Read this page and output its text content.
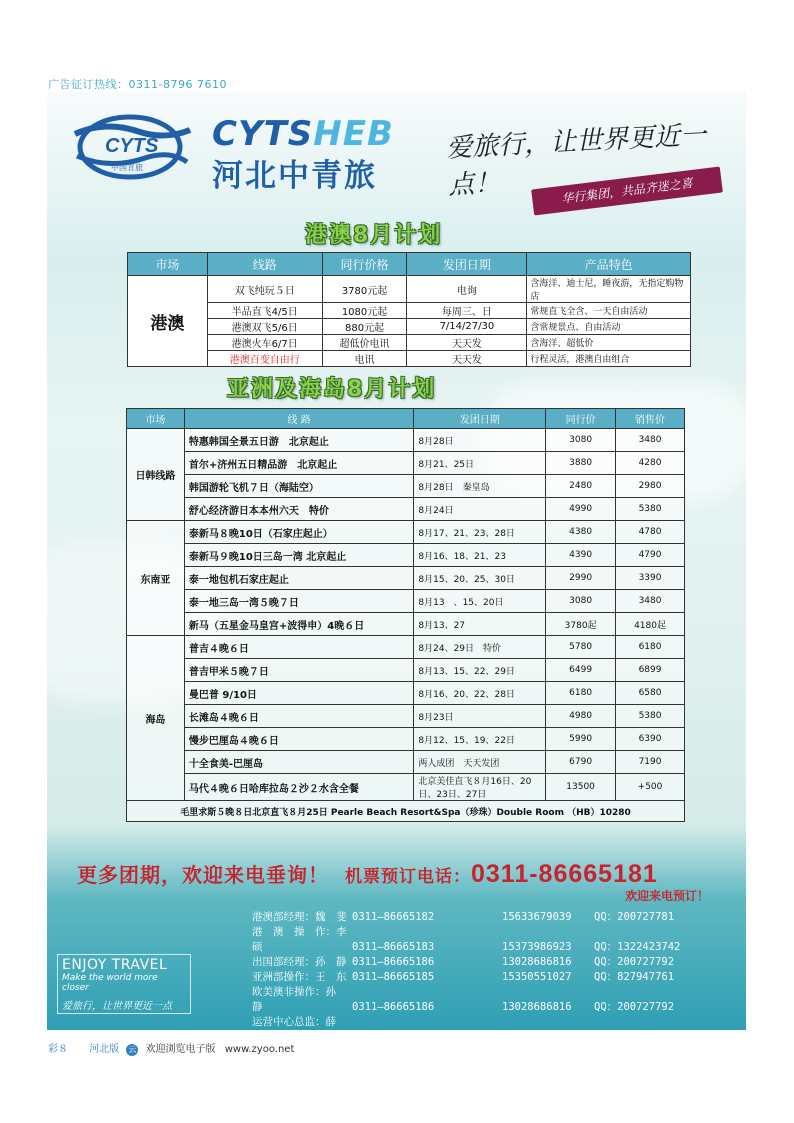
广告征订热线：0311-8796 7610
CYTS
中国青旅
CYTSHEB
河北中青旅
爱旅行，让世界更近一点！	华行集团，共品齐迷之喜
港澳8月计划
市场	线路	同行价格	发团日期	产品特色
港澳	双飞纯玩５日	3780元起	电询	含海洋、迪士尼，睡夜游，无指定购物店
	半品直飞4/5日	1080元起	每周三、日	常规直飞全含、一天自由活动
	港澳双飞5/6日	880元起	7/14/27/30	含常规景点、自由活动
	港澳火车6/7日	超低价电讯	天天发	含海洋、超低价
	港澳百变自由行	电讯	天天发	行程灵活，港澳自由组合
亚洲及海岛8月计划
市场	线 路	发团日期	同行价	销售价
日韩线路	特惠韩国全景五日游　北京起止	8月28日	3080	3480
	首尔+济州五日精品游　北京起止	8月21、25日	3880	4280
	韩国游轮飞机７日（海陆空）	8月28日　秦皇岛	2480	2980
	舒心经济游日本本州六天　特价	8月24日	4990	5380
东南亚	泰新马８晚10日（石家庄起止）	8月17、21、23、28日	4380	4780
	泰新马９晚10日三岛一湾 北京起止	8月16、18、21、23	4390	4790
	泰一地包机石家庄起止	8月15、20、25、30日	2990	3390
	泰一地三岛一湾５晚７日	8月13　、15、20日	3080	3480
	新马（五星金马皇宫+波得申）4晚６日	8月13、27	3780起	4180起
海岛	普吉４晚６日	8月24、29日　特价	5780	6180
	普吉甲米５晚７日	8月13、15、22、29日	6499	6899
	曼巴普 9/10日	8月16、20、22、28日	6180	6580
	长滩岛４晚６日	8月23日	4980	5380
	慢步巴厘岛４晚６日	8月12、15、19、22日	5990	6390
	十全食美-巴厘岛	两人成团　天天发团	6790	7190
	马代４晚６日哈库拉岛２沙２水含全餐	北京美佳直飞８月16日、20日、23日、27日	13500	+500
毛里求斯５晚８日北京直飞８月25日 Pearle Beach Resort&Spa（珍珠）Double Room （HB）10280				
更多团期，欢迎来电垂询！ 机票预订电话：0311-86665181
欢迎来电预订！
ENJOY TRAVEL
Make the world more closer
爱旅行，让世界更近一点
港澳部经理：魏　斐 0311—86665182	15633679039 QQ：200727781
港　澳　操　作：李　硕	0311—86665183	15373986923 QQ：1322423742
出国部经理：孙　静 0311—86665186	13028686816 QQ：200727792
亚洲部操作：王　东 0311—86665185	15350551027 QQ：827947761
欧美澳非操作：孙　静	0311—86665186	13028686816 QQ：200727792
运营中心总监：薛　
彩８ 河北版 云 欢迎浏览电子版 www.zyoo.net
